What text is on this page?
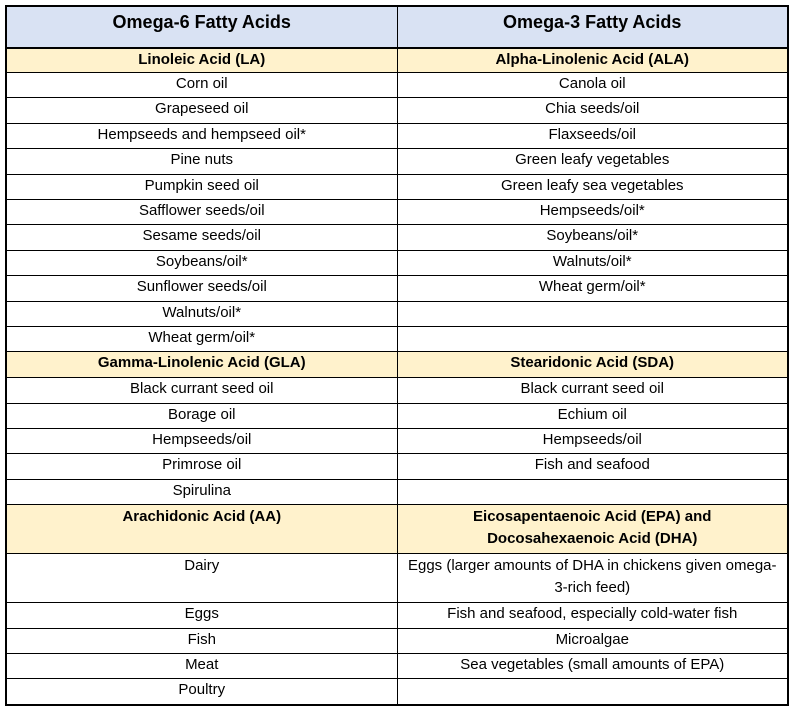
Omega-6 Fatty Acids	Omega-3 Fatty Acids
Linoleic Acid (LA)	Alpha-Linolenic Acid (ALA)
Corn oil	Canola oil
Grapeseed oil	Chia seeds/oil
Hempseeds and hempseed oil*	Flaxseeds/oil
Pine nuts	Green leafy vegetables
Pumpkin seed oil	Green leafy sea vegetables
Safflower seeds/oil	Hempseeds/oil*
Sesame seeds/oil	Soybeans/oil*
Soybeans/oil*	Walnuts/oil*
Sunflower seeds/oil	Wheat germ/oil*
Walnuts/oil*	
Wheat germ/oil*	
Gamma-Linolenic Acid (GLA)	Stearidonic Acid (SDA)
Black currant seed oil	Black currant seed oil
Borage oil	Echium oil
Hempseeds/oil	Hempseeds/oil
Primrose oil	Fish and seafood
Spirulina	
Arachidonic Acid (AA)	Eicosapentaenoic Acid (EPA) and Docosahexaenoic Acid (DHA)
Dairy	Eggs (larger amounts of DHA in chickens given omega-3-rich feed)
Eggs	Fish and seafood, especially cold-water fish
Fish	Microalgae
Meat	Sea vegetables (small amounts of EPA)
Poultry	
